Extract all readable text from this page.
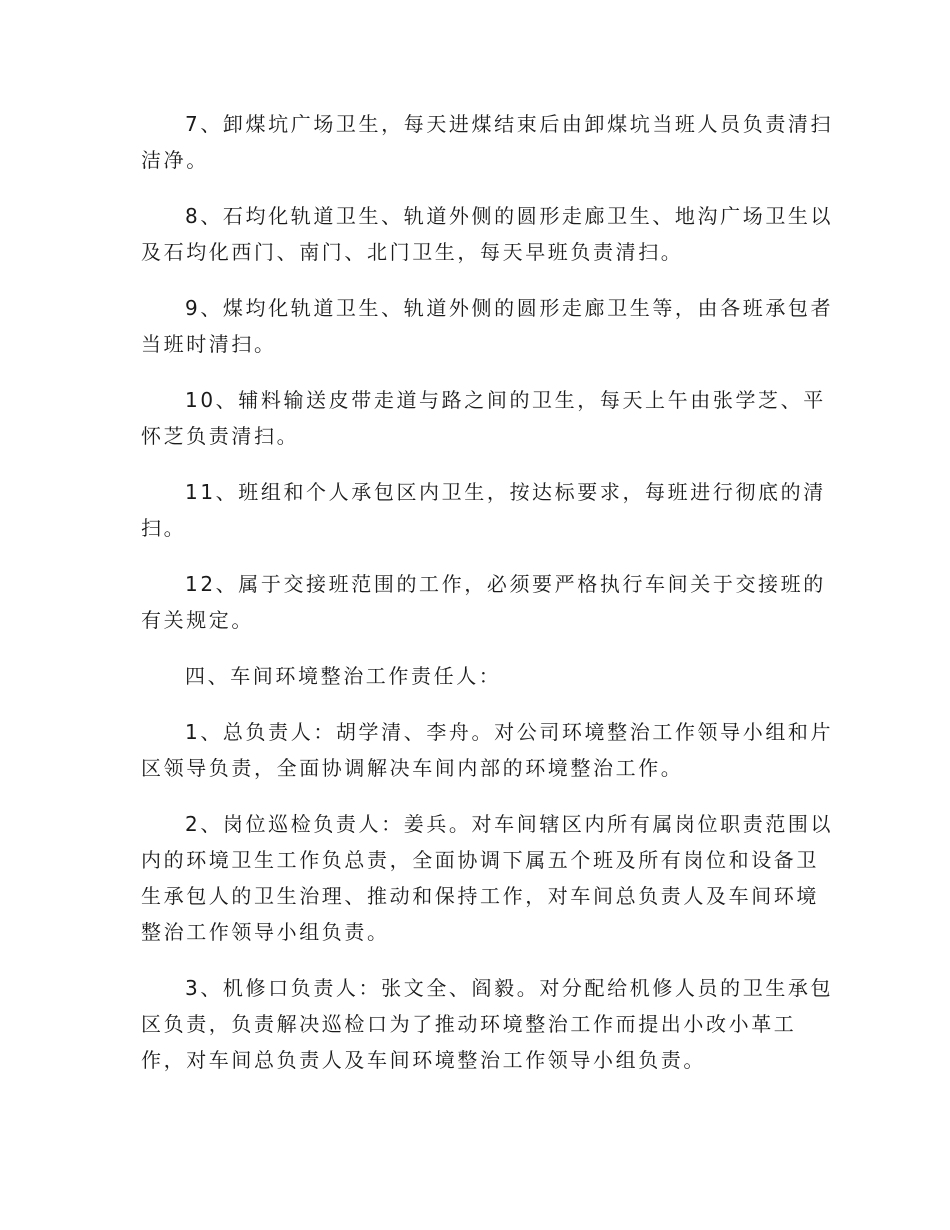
7、卸煤坑广场卫生，每天进煤结束后由卸煤坑当班人员负责清扫
洁净。

8、石均化轨道卫生、轨道外侧的圆形走廊卫生、地沟广场卫生以
及石均化西门、南门、北门卫生，每天早班负责清扫。

9、煤均化轨道卫生、轨道外侧的圆形走廊卫生等，由各班承包者
当班时清扫。

10、辅料输送皮带走道与路之间的卫生，每天上午由张学芝、平
怀芝负责清扫。

11、班组和个人承包区内卫生，按达标要求，每班进行彻底的清
扫。

12、属于交接班范围的工作，必须要严格执行车间关于交接班的
有关规定。

四、车间环境整治工作责任人：

1、总负责人：胡学清、李舟。对公司环境整治工作领导小组和片
区领导负责，全面协调解决车间内部的环境整治工作。

2、岗位巡检负责人：姜兵。对车间辖区内所有属岗位职责范围以
内的环境卫生工作负总责，全面协调下属五个班及所有岗位和设备卫
生承包人的卫生治理、推动和保持工作，对车间总负责人及车间环境
整治工作领导小组负责。

3、机修口负责人：张文全、阎毅。对分配给机修人员的卫生承包
区负责，负责解决巡检口为了推动环境整治工作而提出小改小革工
作，对车间总负责人及车间环境整治工作领导小组负责。
